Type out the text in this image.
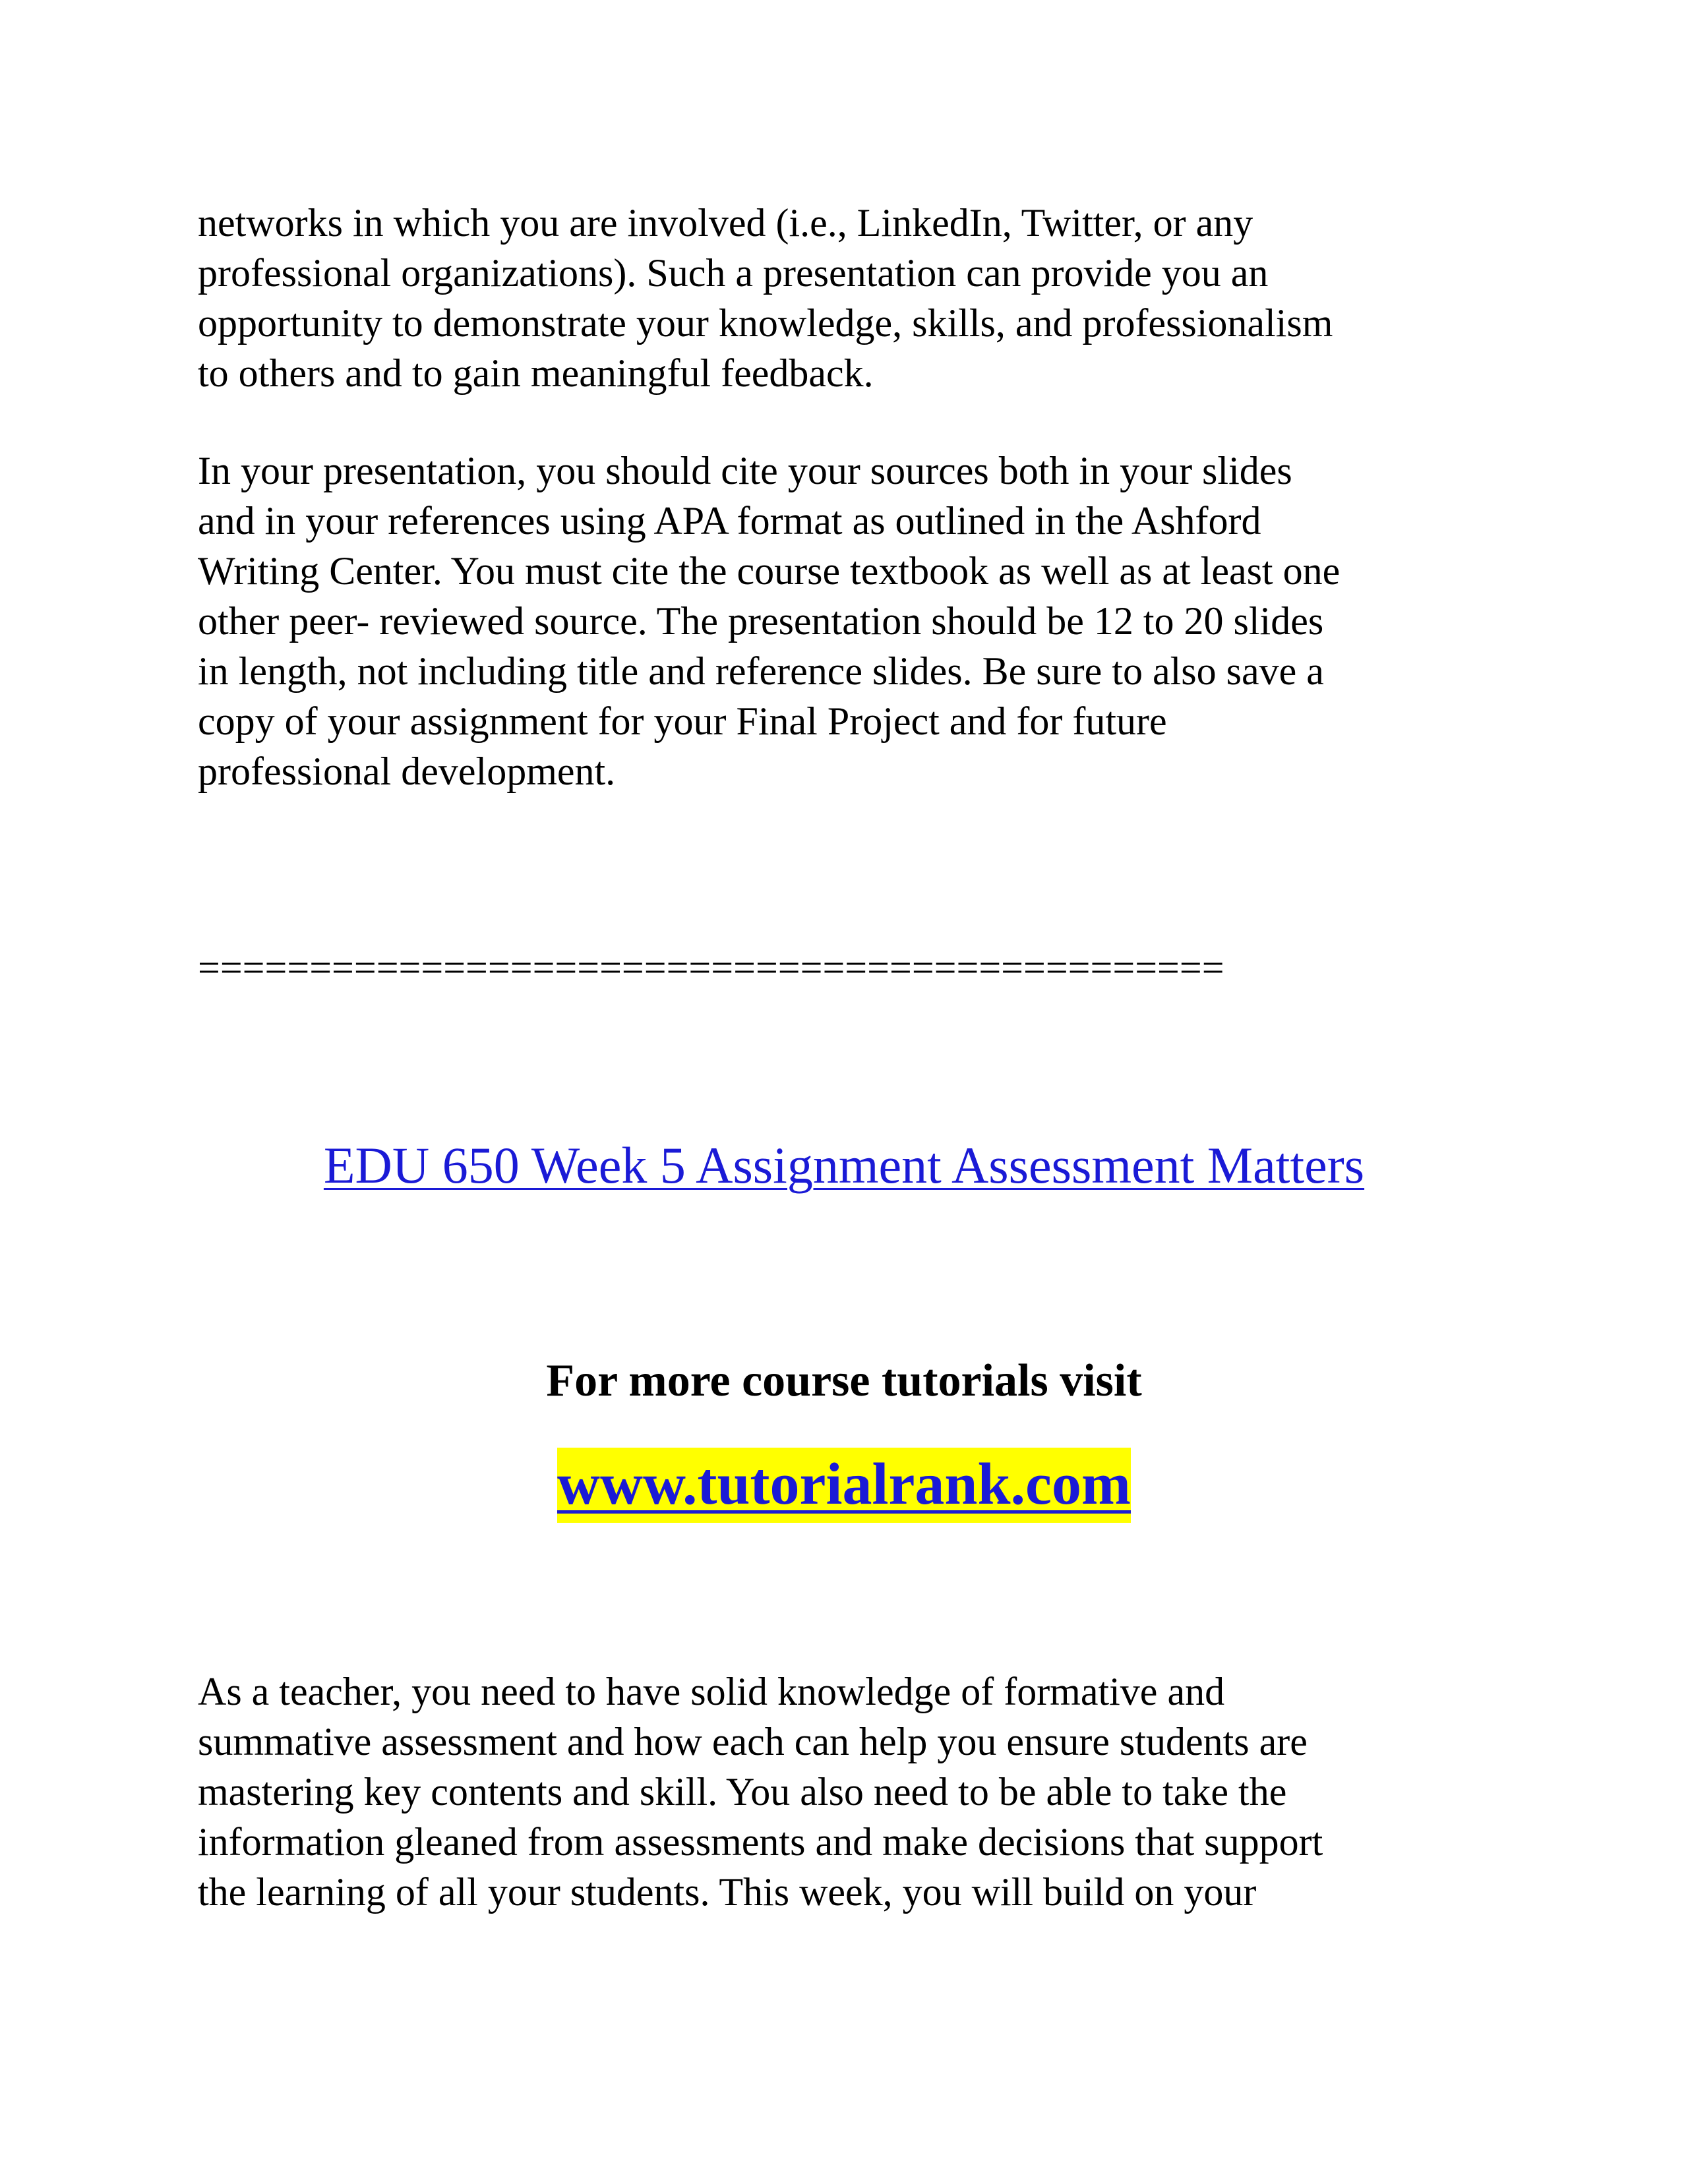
networks in which you are involved (i.e., LinkedIn, Twitter, or any
professional organizations). Such a presentation can provide you an
opportunity to demonstrate your knowledge, skills, and professionalism
to others and to gain meaningful feedback.

In your presentation, you should cite your sources both in your slides
and in your references using APA format as outlined in the Ashford
Writing Center. You must cite the course textbook as well as at least one
other peer- reviewed source. The presentation should be 12 to 20 slides
in length, not including title and reference slides. Be sure to also save a
copy of your assignment for your Final Project and for future
professional development.

==============================================

EDU 650 Week 5 Assignment Assessment Matters

For more course tutorials visit

www.tutorialrank.com

As a teacher, you need to have solid knowledge of formative and
summative assessment and how each can help you ensure students are
mastering key contents and skill. You also need to be able to take the
information gleaned from assessments and make decisions that support
the learning of all your students. This week, you will build on your
